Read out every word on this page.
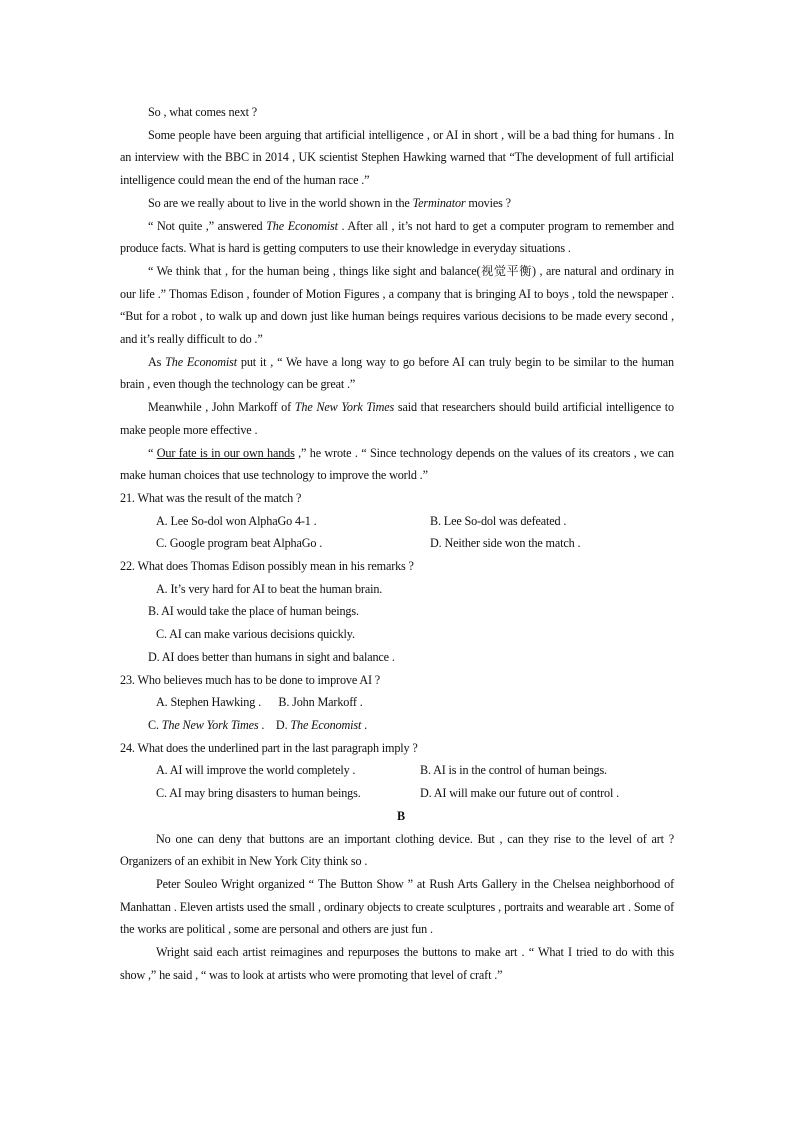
So , what comes next ?

Some people have been arguing that artificial intelligence , or AI in short , will be a bad thing for humans . In an interview with the BBC in 2014 , UK scientist Stephen Hawking warned that “The development of full artificial intelligence could mean the end of the human race .”

So are we really about to live in the world shown in the Terminator movies ?

“ Not quite ,” answered The Economist . After all , it’s not hard to get a computer program to remember and produce facts. What is hard is getting computers to use their knowledge in everyday situations .

“ We think that , for the human being , things like sight and balance(视觉平衡) , are natural and ordinary in our life .” Thomas Edison , founder of Motion Figures , a company that is bringing AI to boys , told the newspaper . “But for a robot , to walk up and down just like human beings requires various decisions to be made every second , and it’s really difficult to do .”

As The Economist put it , “ We have a long way to go before AI can truly begin to be similar to the human brain , even though the technology can be great .”

Meanwhile , John Markoff of The New York Times said that researchers should build artificial intelligence to make people more effective .

“ Our fate is in our own hands ,” he wrote . “ Since technology depends on the values of its creators , we can make human choices that use technology to improve the world .”

21. What was the result of the match ?

A. Lee So-dol won AlphaGo 4-1 .	B. Lee So-dol was defeated .
C. Google program beat AlphaGo .	D. Neither side won the match .

22. What does Thomas Edison possibly mean in his remarks ?

A. It’s very hard for AI to beat the human brain.
B. AI would take the place of human beings.
C. AI can make various decisions quickly.
D. AI does better than humans in sight and balance .

23. Who believes much has to be done to improve AI ?

A. Stephen Hawking . B. John Markoff .
C. The New York Times . D. The Economist .

24. What does the underlined part in the last paragraph imply ?

A. AI will improve the world completely .	B. AI is in the control of human beings.
C. AI may bring disasters to human beings.	D. AI will make our future out of control .

B

No one can deny that buttons are an important clothing device. But , can they rise to the level of art ? Organizers of an exhibit in New York City think so .

Peter Souleo Wright organized “ The Button Show ” at Rush Arts Gallery in the Chelsea neighborhood of Manhattan . Eleven artists used the small , ordinary objects to create sculptures , portraits and wearable art . Some of the works are political , some are personal and others are just fun .

Wright said each artist reimagines and repurposes the buttons to make art . “ What I tried to do with this show ,” he said , “ was to look at artists who were promoting that level of craft .”
